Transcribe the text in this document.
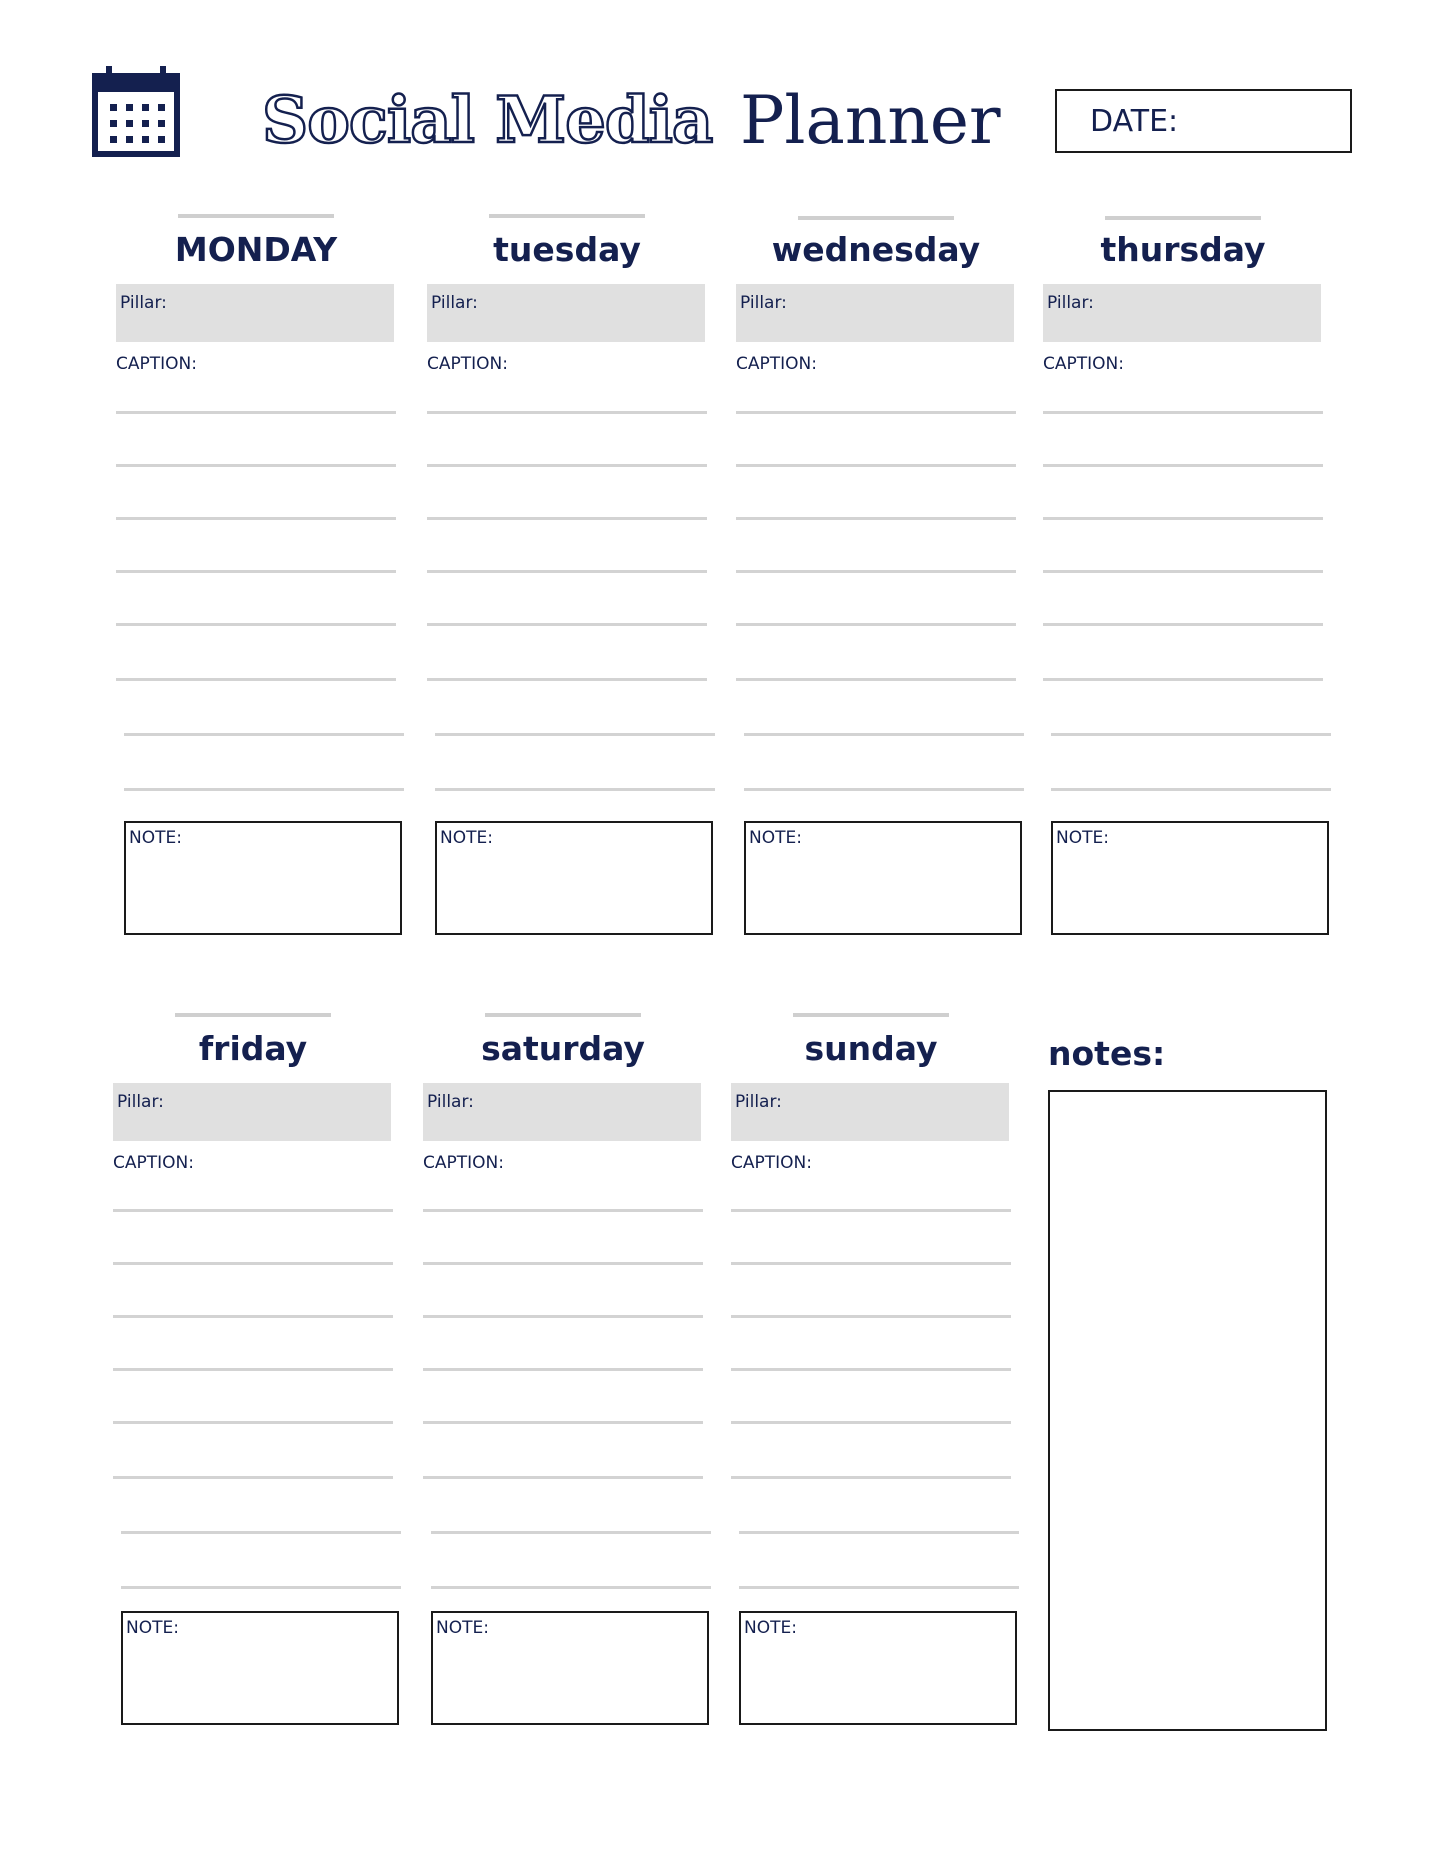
Social Media Planner	DATE:
MONDAY
Pillar:
CAPTION:
NOTE:
tuesday
Pillar:
CAPTION:
NOTE:
wednesday
Pillar:
CAPTION:
NOTE:
thursday
Pillar:
CAPTION:
NOTE:
friday
Pillar:
CAPTION:
NOTE:
saturday
Pillar:
CAPTION:
NOTE:
sunday
Pillar:
CAPTION:
NOTE:
notes:
